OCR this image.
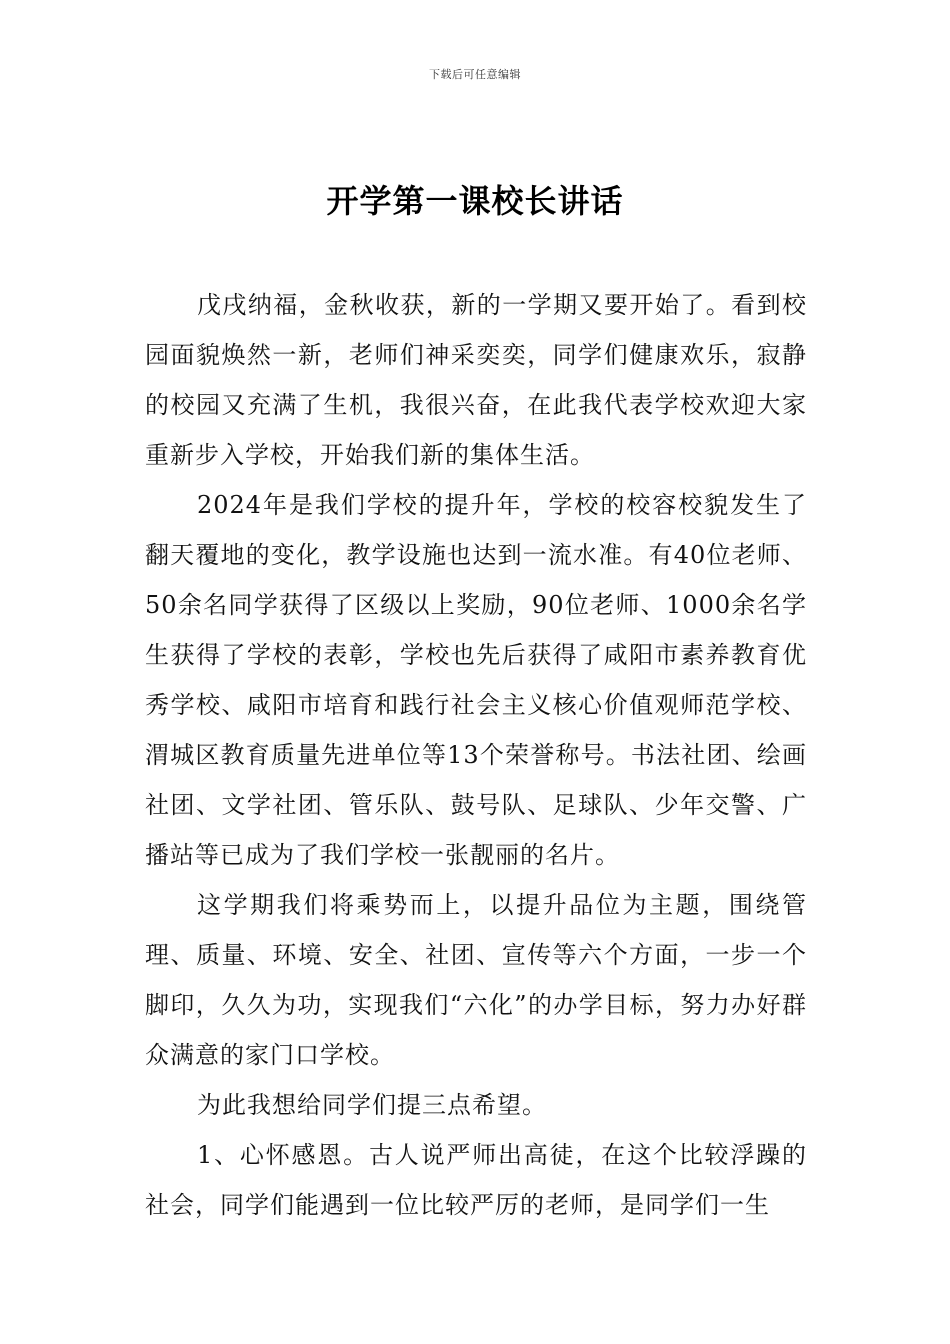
下载后可任意编辑
开学第一课校长讲话

戊戌纳福，金秋收获，新的一学期又要开始了。看到校园面貌焕然一新，老师们神采奕奕，同学们健康欢乐，寂静的校园又充满了生机，我很兴奋，在此我代表学校欢迎大家重新步入学校，开始我们新的集体生活。

2024年是我们学校的提升年，学校的校容校貌发生了翻天覆地的变化，教学设施也达到一流水准。有40位老师、50余名同学获得了区级以上奖励，90位老师、1000余名学生获得了学校的表彰，学校也先后获得了咸阳市素养教育优秀学校、咸阳市培育和践行社会主义核心价值观师范学校、渭城区教育质量先进单位等13个荣誉称号。书法社团、绘画社团、文学社团、管乐队、鼓号队、足球队、少年交警、广播站等已成为了我们学校一张靓丽的名片。

这学期我们将乘势而上，以提升品位为主题，围绕管理、质量、环境、安全、社团、宣传等六个方面，一步一个脚印，久久为功，实现我们“六化”的办学目标，努力办好群众满意的家门口学校。

为此我想给同学们提三点希望。

1、心怀感恩。古人说严师出高徒，在这个比较浮躁的社会，同学们能遇到一位比较严厉的老师，是同学们一生
